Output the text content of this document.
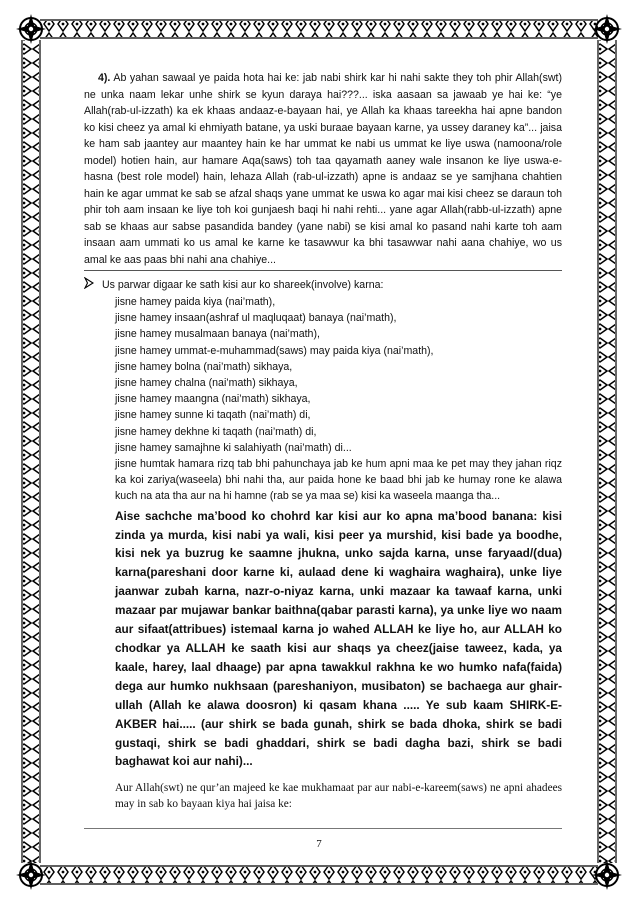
4). Ab yahan sawaal ye paida hota hai ke: jab nabi shirk kar hi nahi sakte they toh phir Allah(swt) ne unka naam lekar unhe shirk se kyun daraya hai???... iska aasaan sa jawaab ye hai ke: “ye Allah(rab-ul-izzath) ka ek khaas andaaz-e-bayaan hai, ye Allah ka khaas tareekha hai apne bandon ko kisi cheez ya amal ki ehmiyath batane, ya uski buraae bayaan karne, ya ussey daraney ka”... jaisa ke ham sab jaantey aur maantey hain ke har ummat ke nabi us ummat ke liye uswa (namoona/role model) hotien hain, aur hamare Aqa(saws) toh taa qayamath aaney wale insanon ke liye uswa-e-hasna (best role model) hain, lehaza Allah (rab-ul-izzath) apne is andaaz se ye samjhana chahtien hain ke agar ummat ke sab se afzal shaqs yane ummat ke uswa ko agar mai kisi cheez se daraun toh phir toh aam insaan ke liye toh koi gunjaesh baqi hi nahi rehti... yane agar Allah(rabb-ul-izzath) apne sab se khaas aur sabse pasandida bandey (yane nabi) se kisi amal ko pasand nahi karte toh aam insaan aam ummati ko us amal ke karne ke tasawwur ka bhi tasawwar nahi aana chahiye, wo us amal ke aas paas bhi nahi ana chahiye...

Us parwar digaar ke sath kisi aur ko shareek(involve) karna:
jisne hamey paida kiya (nai’math),
jisne hamey insaan(ashraf ul maqluqaat) banaya (nai’math),
jisne hamey musalmaan banaya (nai’math),
jisne hamey ummat-e-muhammad(saws) may paida kiya (nai’math),
jisne hamey bolna (nai’math) sikhaya,
jisne hamey chalna (nai’math) sikhaya,
jisne hamey maangna (nai’math) sikhaya,
jisne hamey sunne ki taqath (nai’math) di,
jisne hamey dekhne ki taqath (nai’math) di,
jisne hamey samajhne ki salahiyath (nai’math) di...

jisne humtak hamara rizq tab bhi pahunchaya jab ke hum apni maa ke pet may they jahan riqz ka koi zariya(waseela) bhi nahi tha, aur paida hone ke baad bhi jab ke humay rone ke alawa kuch na ata tha aur na hi hamne (rab se ya maa se) kisi ka waseela maanga tha...

Aise sachche ma’bood ko chohrd kar kisi aur ko apna ma’bood banana: kisi zinda ya murda, kisi nabi ya wali, kisi peer ya murshid, kisi bade ya boodhe, kisi nek ya buzrug ke saamne jhukna, unko sajda karna, unse faryaad/(dua) karna(pareshani door karne ki, aulaad dene ki waghaira waghaira), unke liye jaanwar zubah karna, nazr-o-niyaz karna, unki mazaar ka tawaaf karna, unki mazaar par mujawar bankar baithna(qabar parasti karna), ya unke liye wo naam aur sifaat(attribues) istemaal karna jo wahed ALLAH ke liye ho, aur ALLAH ko chodkar ya ALLAH ke saath kisi aur shaqs ya cheez(jaise taweez, kada, ya kaale, harey, laal dhaage) par apna tawakkul rakhna ke wo humko nafa(faida) dega aur humko nukhsaan (pareshaniyon, musibaton) se bachaega aur ghair-ullah (Allah ke alawa doosron) ki qasam khana ..... Ye sub kaam SHIRK-E-AKBER hai..... (aur shirk se bada gunah, shirk se bada dhoka, shirk se badi gustaqi, shirk se badi ghaddari, shirk se badi dagha bazi, shirk se badi baghawat koi aur nahi)...

Aur Allah(swt) ne qur’an majeed ke kae mukhamaat par aur nabi-e-kareem(saws) ne apni ahadees may in sab ko bayaan kiya hai jaisa ke:

7
